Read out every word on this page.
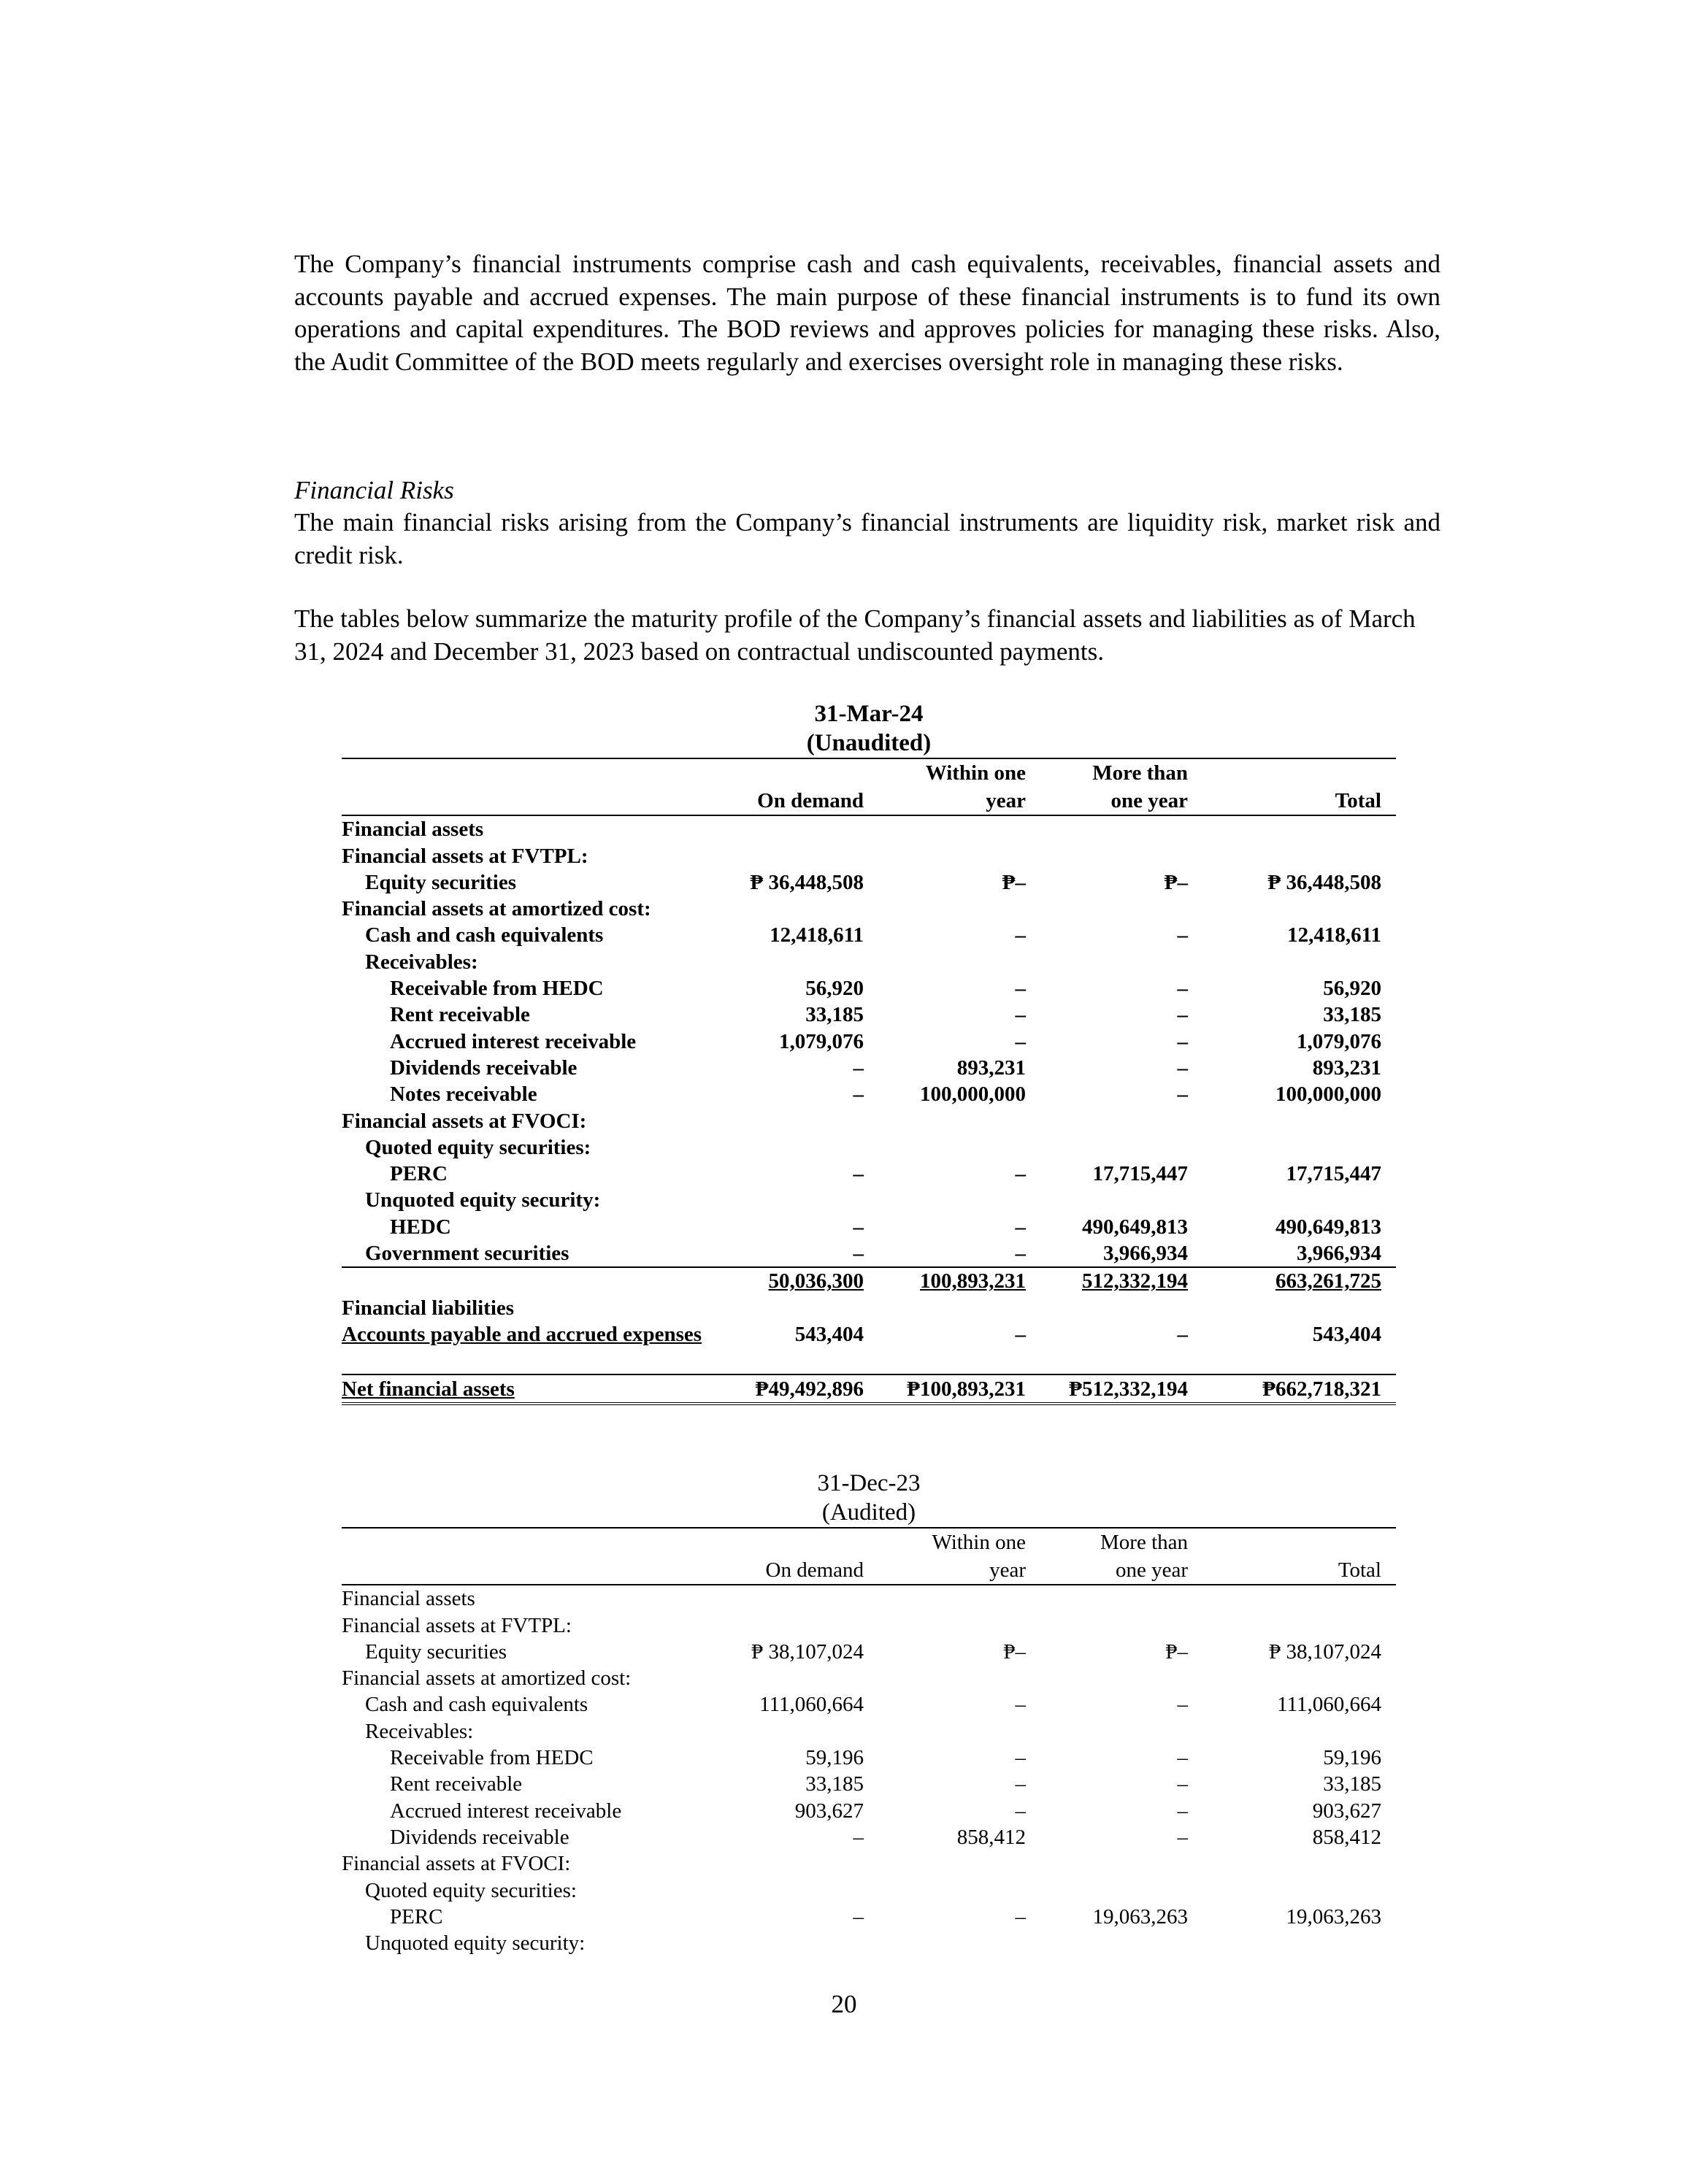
The Company’s financial instruments comprise cash and cash equivalents, receivables, financial assets and accounts payable and accrued expenses. The main purpose of these financial instruments is to fund its own operations and capital expenditures. The BOD reviews and approves policies for managing these risks. Also, the Audit Committee of the BOD meets regularly and exercises oversight role in managing these risks.

Financial Risks

The main financial risks arising from the Company’s financial instruments are liquidity risk, market risk and credit risk.

The tables below summarize the maturity profile of the Company’s financial assets and liabilities as of March 31, 2024 and December 31, 2023 based on contractual undiscounted payments.

31-Mar-24

(Unaudited)

		Within one	More than	
	On demand	year	one year	Total
Financial assets				
Financial assets at FVTPL:				
Equity securities	₱ 36,448,508	₱–	₱–	₱ 36,448,508
Financial assets at amortized cost:				
Cash and cash equivalents	12,418,611	–	–	12,418,611
Receivables:				
Receivable from HEDC	56,920	–	–	56,920
Rent receivable	33,185	–	–	33,185
Accrued interest receivable	1,079,076	–	–	1,079,076
Dividends receivable	–	893,231	–	893,231
Notes receivable	–	100,000,000	–	100,000,000
Financial assets at FVOCI:				
Quoted equity securities:				
PERC	–	–	17,715,447	17,715,447
Unquoted equity security:				
HEDC	–	–	490,649,813	490,649,813
Government securities	–	–	3,966,934	3,966,934
	50,036,300	100,893,231	512,332,194	663,261,725
Financial liabilities				
Accounts payable and accrued expenses	543,404	–	–	543,404

Net financial assets	₱49,492,896	₱100,893,231	₱512,332,194	₱662,718,321

31-Dec-23

(Audited)

		Within one	More than	
	On demand	year	one year	Total
Financial assets				
Financial assets at FVTPL:				
Equity securities	₱ 38,107,024	₱–	₱–	₱ 38,107,024
Financial assets at amortized cost:				
Cash and cash equivalents	111,060,664	–	–	111,060,664
Receivables:				
Receivable from HEDC	59,196	–	–	59,196
Rent receivable	33,185	–	–	33,185
Accrued interest receivable	903,627	–	–	903,627
Dividends receivable	–	858,412	–	858,412
Financial assets at FVOCI:				
Quoted equity securities:				
PERC	–	–	19,063,263	19,063,263
Unquoted equity security:				
20
